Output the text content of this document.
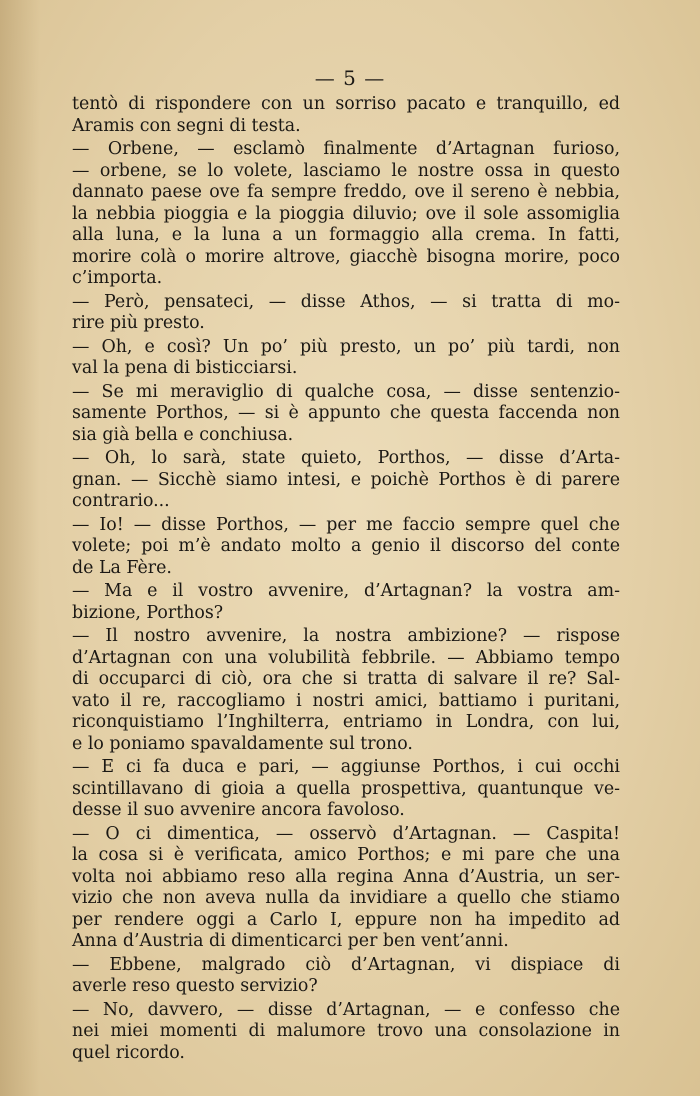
— 5 —
tentò di rispondere con un sorriso pacato e tranquillo, ed
Aramis con segni di testa.
— Orbene, — esclamò finalmente d’Artagnan furioso,
— orbene, se lo volete, lasciamo le nostre ossa in questo
dannato paese ove fa sempre freddo, ove il sereno è nebbia,
la nebbia pioggia e la pioggia diluvio; ove il sole assomiglia
alla luna, e la luna a un formaggio alla crema. In fatti,
morire colà o morire altrove, giacchè bisogna morire, poco
c’importa.
— Però, pensateci, — disse Athos, — si tratta di mo-
rire più presto.
— Oh, e così? Un po’ più presto, un po’ più tardi, non
val la pena di bisticciarsi.
— Se mi meraviglio di qualche cosa, — disse sentenzio-
samente Porthos, — si è appunto che questa faccenda non
sia già bella e conchiusa.
— Oh, lo sarà, state quieto, Porthos, — disse d’Arta-
gnan. — Sicchè siamo intesi, e poichè Porthos è di parere
contrario...
— Io! — disse Porthos, — per me faccio sempre quel che
volete; poi m’è andato molto a genio il discorso del conte
de La Fère.
— Ma e il vostro avvenire, d’Artagnan? la vostra am-
bizione, Porthos?
— Il nostro avvenire, la nostra ambizione? — rispose
d’Artagnan con una volubilità febbrile. — Abbiamo tempo
di occuparci di ciò, ora che si tratta di salvare il re? Sal-
vato il re, raccogliamo i nostri amici, battiamo i puritani,
riconquistiamo l’Inghilterra, entriamo in Londra, con lui,
e lo poniamo spavaldamente sul trono.
— E ci fa duca e pari, — aggiunse Porthos, i cui occhi
scintillavano di gioia a quella prospettiva, quantunque ve-
desse il suo avvenire ancora favoloso.
— O ci dimentica, — osservò d’Artagnan. — Caspita!
la cosa si è verificata, amico Porthos; e mi pare che una
volta noi abbiamo reso alla regina Anna d’Austria, un ser-
vizio che non aveva nulla da invidiare a quello che stiamo
per rendere oggi a Carlo I, eppure non ha impedito ad
Anna d’Austria di dimenticarci per ben vent’anni.
— Ebbene, malgrado ciò d’Artagnan, vi dispiace di
averle reso questo servizio?
— No, davvero, — disse d’Artagnan, — e confesso che
nei miei momenti di malumore trovo una consolazione in
quel ricordo.
